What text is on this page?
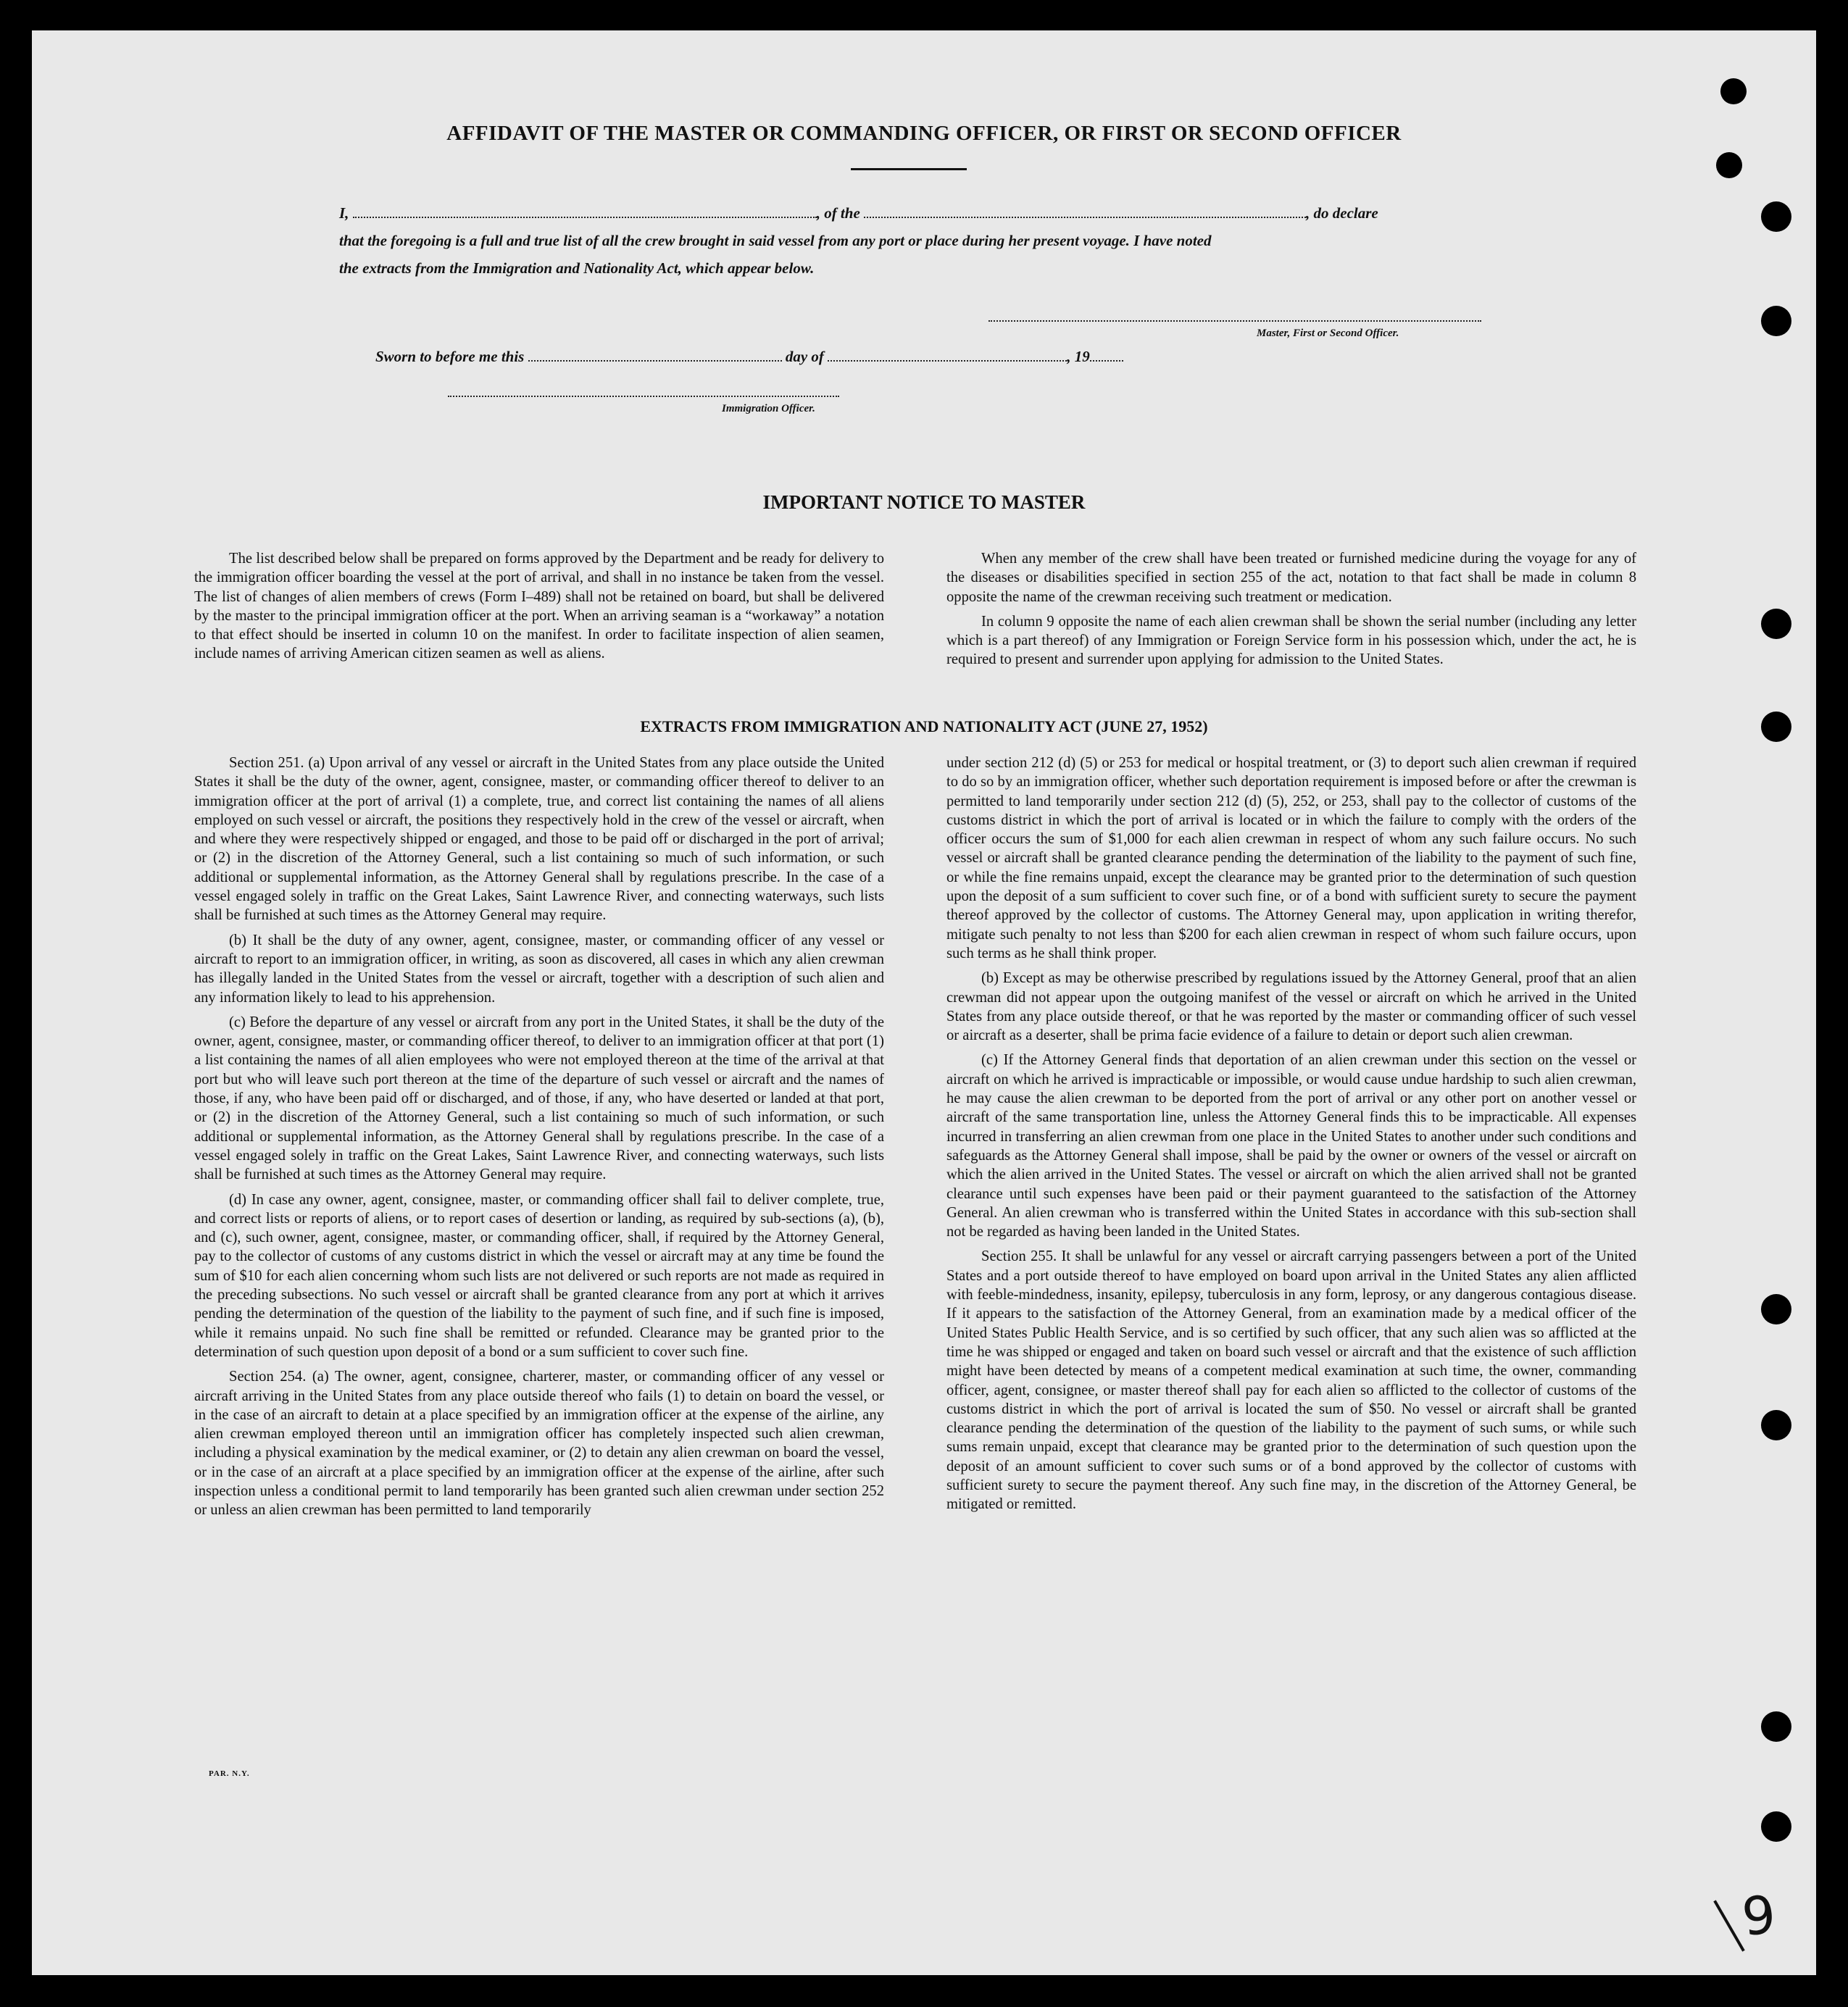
AFFIDAVIT OF THE MASTER OR COMMANDING OFFICER, OR FIRST OR SECOND OFFICER
I,	, of the	, do declare
that the foregoing is a full and true list of all the crew brought in said vessel from any port or place during her present voyage. I have noted
the extracts from the Immigration and Nationality Act, which appear below.
Master, First or Second Officer.
Sworn to before me this	day of	, 19
Immigration Officer.
IMPORTANT NOTICE TO MASTER

The list described below shall be prepared on forms approved by the Department and be ready for delivery to the immigration officer boarding the vessel at the port of arrival, and shall in no instance be taken from the vessel. The list of changes of alien members of crews (Form I–489) shall not be retained on board, but shall be delivered by the master to the principal immigration officer at the port. When an arriving seaman is a “workaway” a notation to that effect should be inserted in column 10 on the manifest. In order to facilitate inspection of alien seamen, include names of arriving American citizen seamen as well as aliens.

When any member of the crew shall have been treated or furnished medicine during the voyage for any of the diseases or disabilities specified in section 255 of the act, notation to that fact shall be made in column 8 opposite the name of the crewman receiving such treatment or medication.

In column 9 opposite the name of each alien crewman shall be shown the serial number (including any letter which is a part thereof) of any Immigration or Foreign Service form in his possession which, under the act, he is required to present and surrender upon applying for admission to the United States.

EXTRACTS FROM IMMIGRATION AND NATIONALITY ACT (JUNE 27, 1952)

Section 251. (a) Upon arrival of any vessel or aircraft in the United States from any place outside the United States it shall be the duty of the owner, agent, consignee, master, or commanding officer thereof to deliver to an immigration officer at the port of arrival (1) a complete, true, and correct list containing the names of all aliens employed on such vessel or aircraft, the positions they respectively hold in the crew of the vessel or aircraft, when and where they were respectively shipped or engaged, and those to be paid off or discharged in the port of arrival; or (2) in the discretion of the Attorney General, such a list containing so much of such information, or such additional or supplemental information, as the Attorney General shall by regulations prescribe. In the case of a vessel engaged solely in traffic on the Great Lakes, Saint Lawrence River, and connecting waterways, such lists shall be furnished at such times as the Attorney General may require.

(b) It shall be the duty of any owner, agent, consignee, master, or commanding officer of any vessel or aircraft to report to an immigration officer, in writing, as soon as discovered, all cases in which any alien crewman has illegally landed in the United States from the vessel or aircraft, together with a description of such alien and any information likely to lead to his apprehension.

(c) Before the departure of any vessel or aircraft from any port in the United States, it shall be the duty of the owner, agent, consignee, master, or commanding officer thereof, to deliver to an immigration officer at that port (1) a list containing the names of all alien employees who were not employed thereon at the time of the arrival at that port but who will leave such port thereon at the time of the departure of such vessel or aircraft and the names of those, if any, who have been paid off or discharged, and of those, if any, who have deserted or landed at that port, or (2) in the discretion of the Attorney General, such a list containing so much of such information, or such additional or supplemental information, as the Attorney General shall by regulations prescribe. In the case of a vessel engaged solely in traffic on the Great Lakes, Saint Lawrence River, and connecting waterways, such lists shall be furnished at such times as the Attorney General may require.

(d) In case any owner, agent, consignee, master, or commanding officer shall fail to deliver complete, true, and correct lists or reports of aliens, or to report cases of desertion or landing, as required by sub-sections (a), (b), and (c), such owner, agent, consignee, master, or commanding officer, shall, if required by the Attorney General, pay to the collector of customs of any customs district in which the vessel or aircraft may at any time be found the sum of $10 for each alien concerning whom such lists are not delivered or such reports are not made as required in the preceding subsections. No such vessel or aircraft shall be granted clearance from any port at which it arrives pending the determination of the question of the liability to the payment of such fine, and if such fine is imposed, while it remains unpaid. No such fine shall be remitted or refunded. Clearance may be granted prior to the determination of such question upon deposit of a bond or a sum sufficient to cover such fine.

Section 254. (a) The owner, agent, consignee, charterer, master, or commanding officer of any vessel or aircraft arriving in the United States from any place outside thereof who fails (1) to detain on board the vessel, or in the case of an aircraft to detain at a place specified by an immigration officer at the expense of the airline, any alien crewman employed thereon until an immigration officer has completely inspected such alien crewman, including a physical examination by the medical examiner, or (2) to detain any alien crewman on board the vessel, or in the case of an aircraft at a place specified by an immigration officer at the expense of the airline, after such inspection unless a conditional permit to land temporarily has been granted such alien crewman under section 252 or unless an alien crewman has been permitted to land temporarily

under section 212 (d) (5) or 253 for medical or hospital treatment, or (3) to deport such alien crewman if required to do so by an immigration officer, whether such deportation requirement is imposed before or after the crewman is permitted to land temporarily under section 212 (d) (5), 252, or 253, shall pay to the collector of customs of the customs district in which the port of arrival is located or in which the failure to comply with the orders of the officer occurs the sum of $1,000 for each alien crewman in respect of whom any such failure occurs. No such vessel or aircraft shall be granted clearance pending the determination of the liability to the payment of such fine, or while the fine remains unpaid, except the clearance may be granted prior to the determination of such question upon the deposit of a sum sufficient to cover such fine, or of a bond with sufficient surety to secure the payment thereof approved by the collector of customs. The Attorney General may, upon application in writing therefor, mitigate such penalty to not less than $200 for each alien crewman in respect of whom such failure occurs, upon such terms as he shall think proper.

(b) Except as may be otherwise prescribed by regulations issued by the Attorney General, proof that an alien crewman did not appear upon the outgoing manifest of the vessel or aircraft on which he arrived in the United States from any place outside thereof, or that he was reported by the master or commanding officer of such vessel or aircraft as a deserter, shall be prima facie evidence of a failure to detain or deport such alien crewman.

(c) If the Attorney General finds that deportation of an alien crewman under this section on the vessel or aircraft on which he arrived is impracticable or impossible, or would cause undue hardship to such alien crewman, he may cause the alien crewman to be deported from the port of arrival or any other port on another vessel or aircraft of the same transportation line, unless the Attorney General finds this to be impracticable. All expenses incurred in transferring an alien crewman from one place in the United States to another under such conditions and safeguards as the Attorney General shall impose, shall be paid by the owner or owners of the vessel or aircraft on which the alien arrived in the United States. The vessel or aircraft on which the alien arrived shall not be granted clearance until such expenses have been paid or their payment guaranteed to the satisfaction of the Attorney General. An alien crewman who is transferred within the United States in accordance with this sub-section shall not be regarded as having been landed in the United States.

Section 255. It shall be unlawful for any vessel or aircraft carrying passengers between a port of the United States and a port outside thereof to have employed on board upon arrival in the United States any alien afflicted with feeble-mindedness, insanity, epilepsy, tuberculosis in any form, leprosy, or any dangerous contagious disease. If it appears to the satisfaction of the Attorney General, from an examination made by a medical officer of the United States Public Health Service, and is so certified by such officer, that any such alien was so afflicted at the time he was shipped or engaged and taken on board such vessel or aircraft and that the existence of such affliction might have been detected by means of a competent medical examination at such time, the owner, commanding officer, agent, consignee, or master thereof shall pay for each alien so afflicted to the collector of customs of the customs district in which the port of arrival is located the sum of $50. No vessel or aircraft shall be granted clearance pending the determination of the question of the liability to the payment of such sums, or while such sums remain unpaid, except that clearance may be granted prior to the determination of such question upon the deposit of an amount sufficient to cover such sums or of a bond approved by the collector of customs with sufficient surety to secure the payment thereof. Any such fine may, in the discretion of the Attorney General, be mitigated or remitted.

PAR. N.Y.
9
